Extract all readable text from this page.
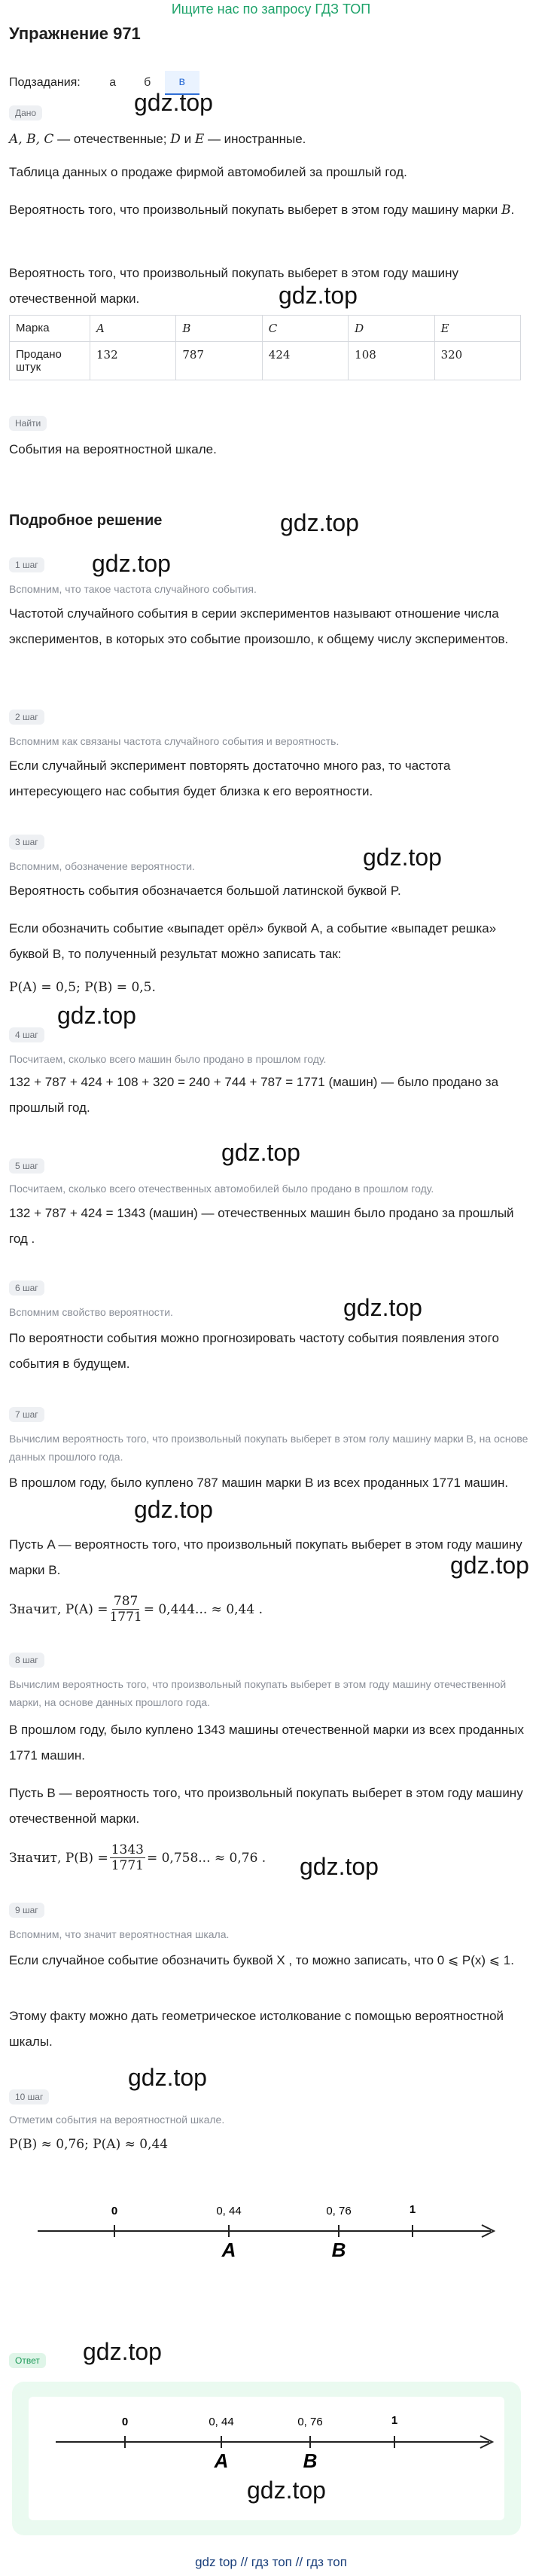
Ищите нас по запросу ГДЗ ТОП
Упражнение 971
Подзадания:	а	б	в
Дано
A, B, C — отечественные; D и E — иностранные.
gdz.top
Таблица данных о продаже фирмой автомобилей за прошлый год.
Вероятность того, что произвольный покупать выберет в этом году машину марки B.
Вероятность того, что произвольный покупать выберет в этом году машину отечественной марки.	gdz.top
Марка	A	B	C	D	E
Продано штук	132	787	424	108	320
Найти
События на вероятностной шкале.
Подробное решение	gdz.top
1 шаг gdz.top
Вспомним, что такое частота случайного события.
Частотой случайного события в серии экспериментов называют отношение числа экспериментов, в которых это событие произошло, к общему числу экспериментов.
2 шаг
Вспомним как связаны частота случайного события и вероятность.
Если случайный эксперимент повторять достаточно много раз, то частота интересующего нас события будет близка к его вероятности.
3 шаг
gdz.top
Вспомним, обозначение вероятности.
Вероятность события обозначается большой латинской буквой P.
Если обозначить событие «выпадет орёл» буквой A, а событие «выпадет решка» буквой B, то полученный результат можно записать так:
P(A) = 0,5; P(B) = 0,5.
gdz.top
4 шаг
Посчитаем, сколько всего машин было продано в прошлом году.
132 + 787 + 424 + 108 + 320 = 240 + 744 + 787 = 1771 (машин) — было продано за прошлый год.
gdz.top
5 шаг
Посчитаем, сколько всего отечественных автомобилей было продано в прошлом году.
132 + 787 + 424 = 1343 (машин) — отечественных машин было продано за прошлый год .
6 шаг
gdz.top
Вспомним свойство вероятности.
По вероятности события можно прогнозировать частоту события появления этого события в будущем.
7 шаг
Вычислим вероятность того, что произвольный покупать выберет в этом голу машину марки B, на основе данных прошлого года.
В прошлом году, было куплено 787 машин марки B из всех проданных 1771 машин.
gdz.top
Пусть A — вероятность того, что произвольный покупать выберет в этом году машину марки B.	gdz.top
Значит, $P(A) = \frac{787}{1771} = 0,444$... ≈ 0,44 .
8 шаг
Вычислим вероятность того, что произвольный покупать выберет в этом году машину отечественной марки, на основе данных прошлого года.
В прошлом году, было куплено 1343 машины отечественной марки из всех проданных 1771 машин.
Пусть B — вероятность того, что произвольный покупать выберет в этом году машину отечественной марки.
Значит, $P(B) = \frac{1343}{1771} = 0,758$... ≈ 0,76 . gdz.top
9 шаг
Вспомним, что значит вероятностная шкала.
Если случайное событие обозначить буквой X , то можно записать, что 0 ⩽ P(x) ⩽ 1.
Этому факту можно дать геометрическое истолкование с помощью вероятностной шкалы.
gdz.top
10 шаг
Отметим события на вероятностной шкале.
P(B) ≈ 0,76; P(A) ≈ 0,44
0	0, 44	0, 76	1
A	B
Ответ gdz.top
0	0, 44	0, 76	1
A	B
gdz.top
gdz top // гдз топ // гдз топ
